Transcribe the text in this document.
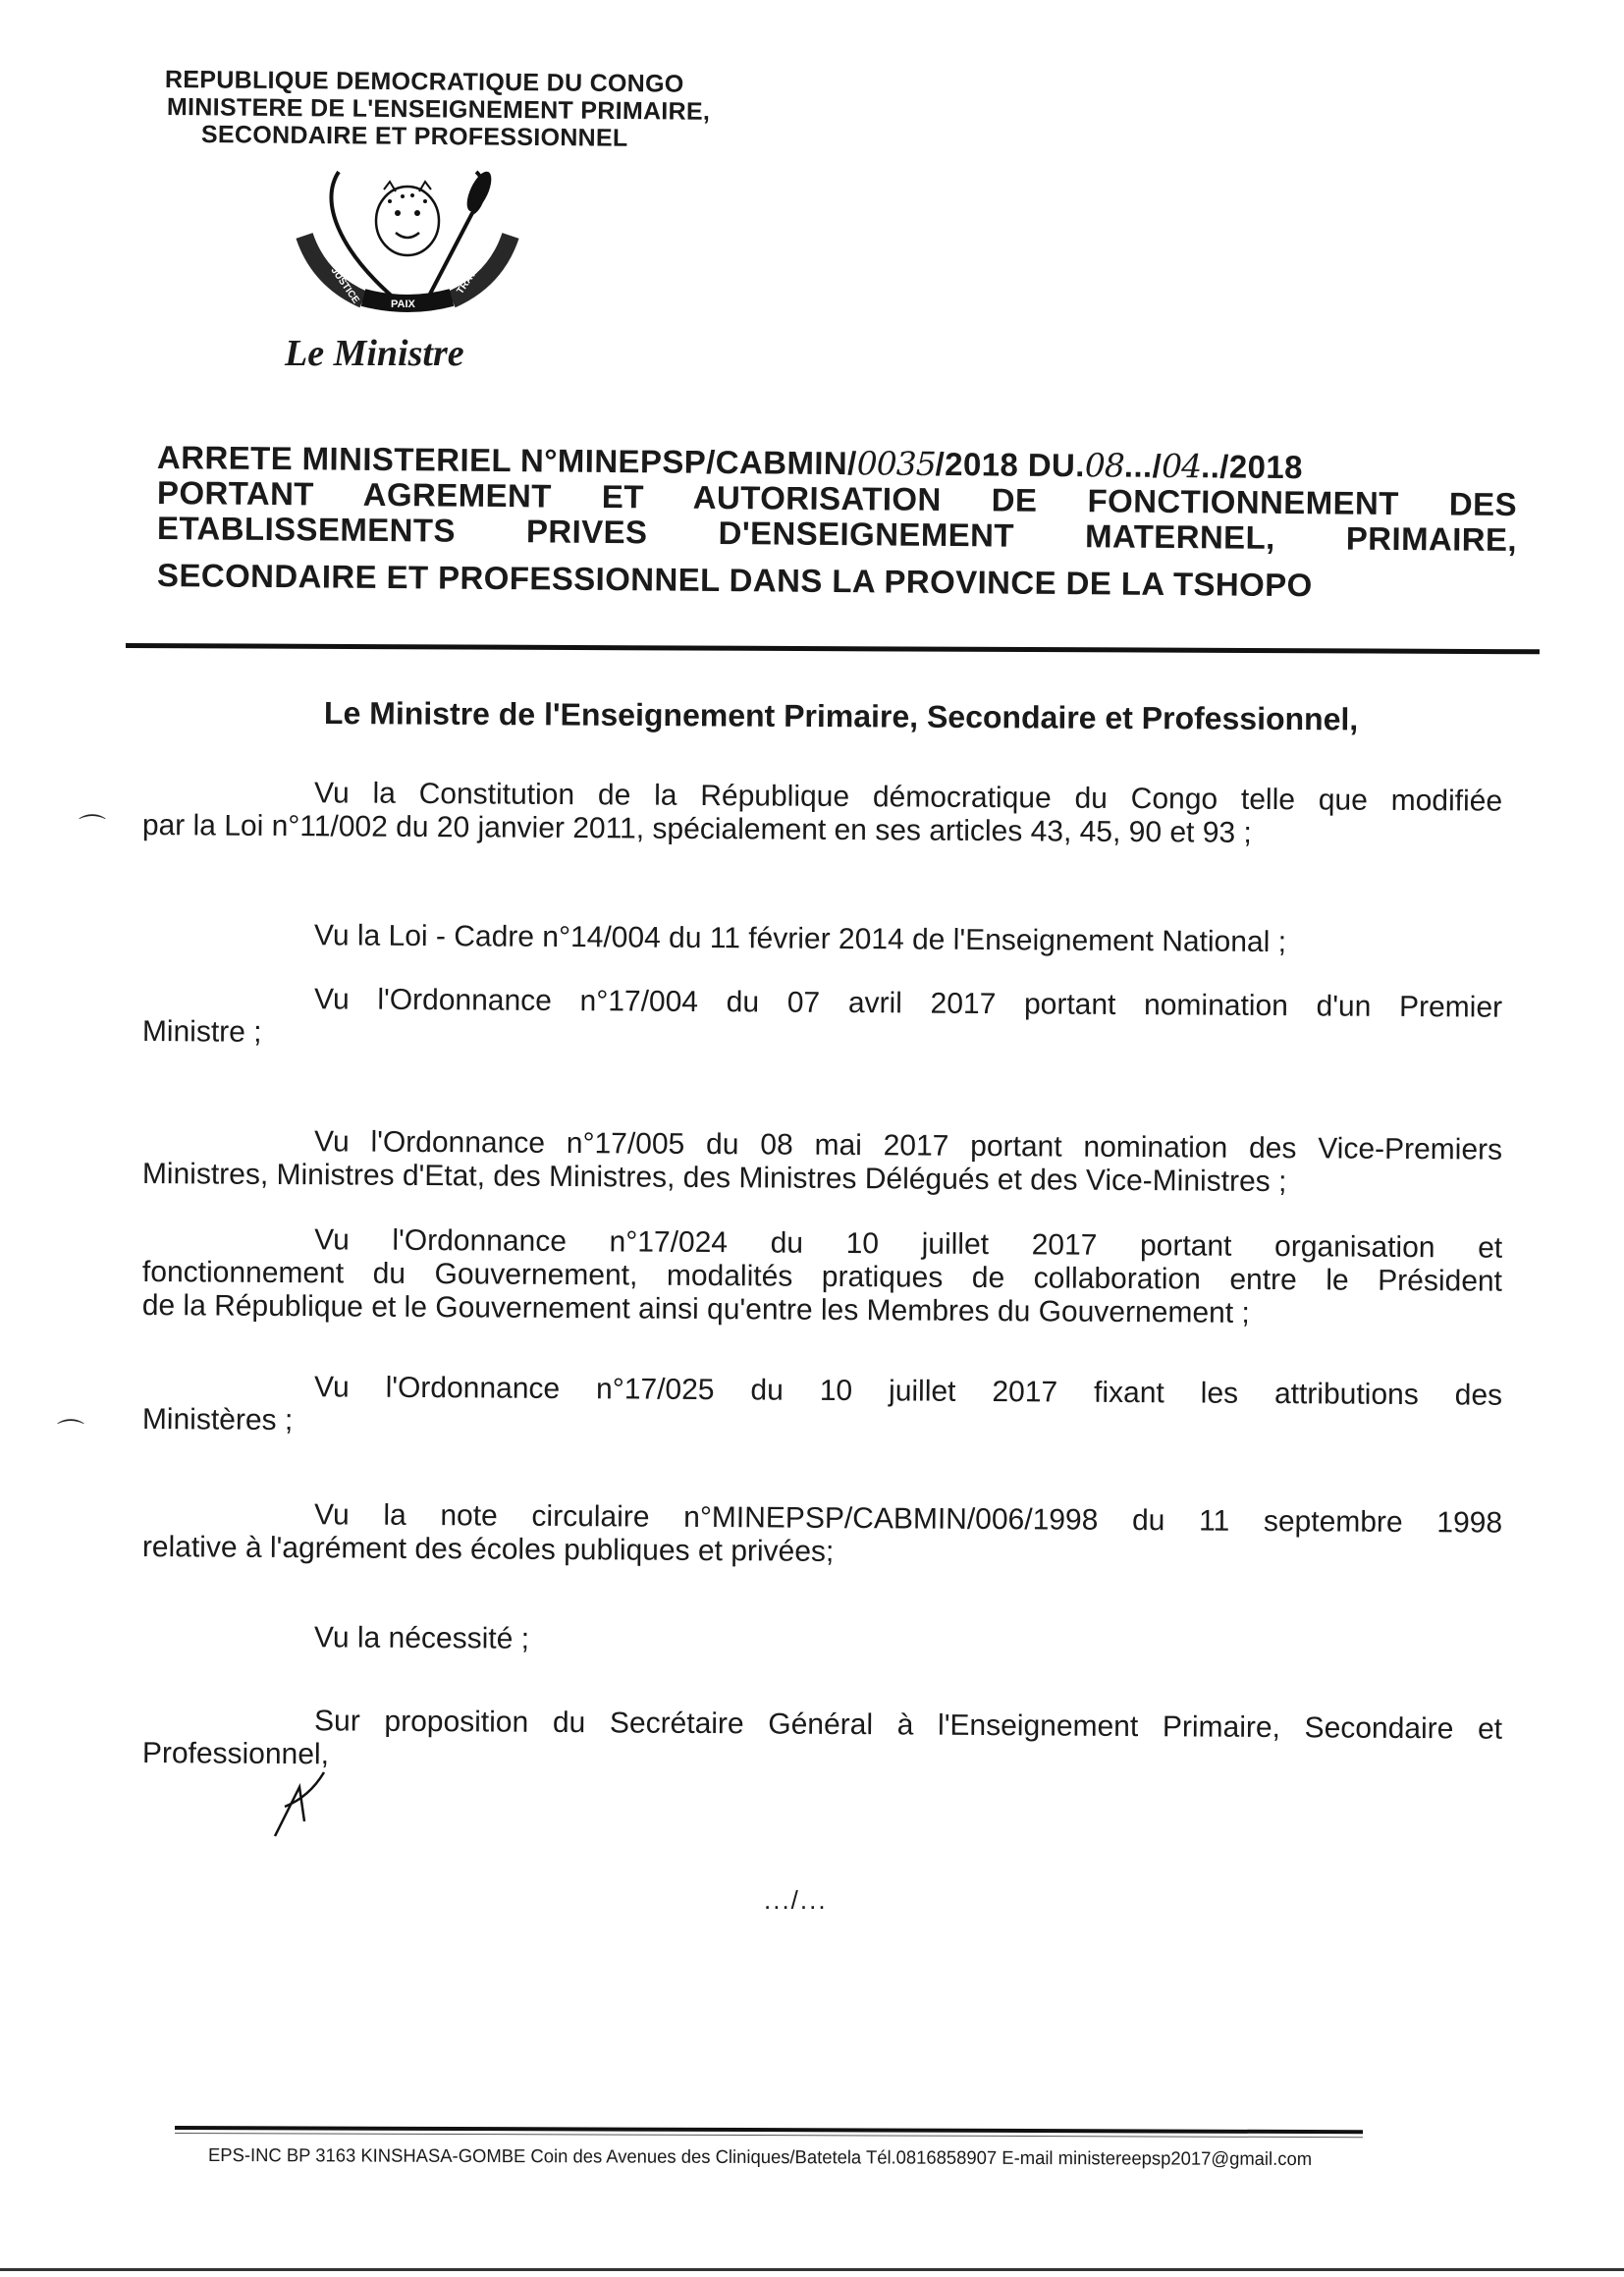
REPUBLIQUE DEMOCRATIQUE DU CONGO
MINISTERE DE L'ENSEIGNEMENT PRIMAIRE,
SECONDAIRE ET PROFESSIONNEL
JUSTICE	PAIX
TRAVAIL
Le Ministre
ARRETE MINISTERIEL N°MINEPSP/CABMIN/0035/2018 DU.08.../04../2018
PORTANT AGREMENT ET AUTORISATION DE FONCTIONNEMENT DES
ETABLISSEMENTS PRIVES D'ENSEIGNEMENT MATERNEL, PRIMAIRE,
SECONDAIRE ET PROFESSIONNEL DANS LA PROVINCE DE LA TSHOPO
Le Ministre de l'Enseignement Primaire, Secondaire et Professionnel,
⌒
Vu la Constitution de la République démocratique du Congo telle que modifiée
par la Loi n°11/002 du 20 janvier 2011, spécialement en ses articles 43, 45, 90 et 93 ;
Vu la Loi - Cadre n°14/004 du 11 février 2014 de l'Enseignement National ;
Vu l'Ordonnance n°17/004 du 07 avril 2017 portant nomination d'un Premier
Ministre ;
Vu l'Ordonnance n°17/005 du 08 mai 2017 portant nomination des Vice-Premiers
Ministres, Ministres d'Etat, des Ministres, des Ministres Délégués et des Vice-Ministres ;
Vu l'Ordonnance n°17/024 du 10 juillet 2017 portant organisation et
fonctionnement du Gouvernement, modalités pratiques de collaboration entre le Président
de la République et le Gouvernement ainsi qu'entre les Membres du Gouvernement ;
⌒
Vu l'Ordonnance n°17/025 du 10 juillet 2017 fixant les attributions des
Ministères ;
Vu la note circulaire n°MINEPSP/CABMIN/006/1998 du 11 septembre 1998
relative à l'agrément des écoles publiques et privées;
Vu la nécessité ;
Sur proposition du Secrétaire Général à l'Enseignement Primaire, Secondaire et
Professionnel,
.../...
EPS-INC BP 3163 KINSHASA-GOMBE Coin des Avenues des Cliniques/Batetela Tél.0816858907 E-mail ministereepsp2017@gmail.com
